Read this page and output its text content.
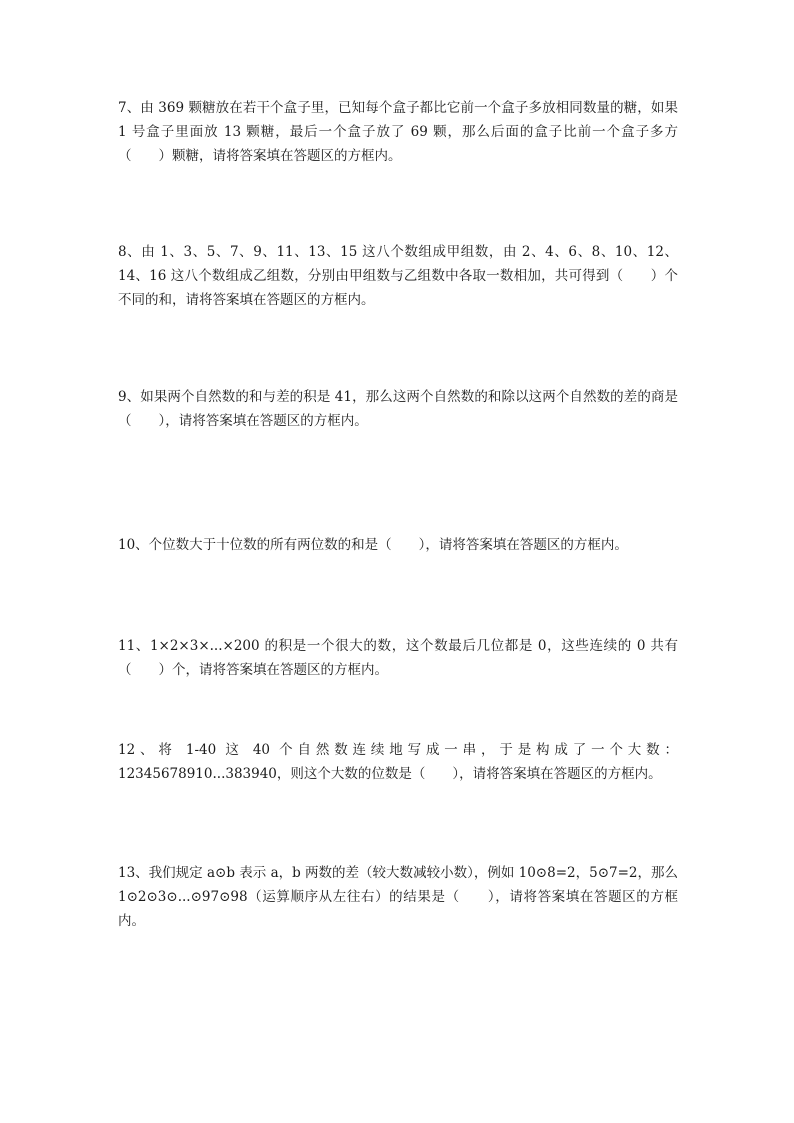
7、由 369 颗糖放在若干个盒子里，已知每个盒子都比它前一个盒子多放相同数量的糖，如果 1 号盒子里面放 13 颗糖，最后一个盒子放了 69 颗，那么后面的盒子比前一个盒子多方（　　）颗糖，请将答案填在答题区的方框内。

8、由 1、3、5、7、9、11、13、15 这八个数组成甲组数，由 2、4、6、8、10、12、14、16 这八个数组成乙组数，分别由甲组数与乙组数中各取一数相加，共可得到（　　）个不同的和，请将答案填在答题区的方框内。

9、如果两个自然数的和与差的积是 41，那么这两个自然数的和除以这两个自然数的差的商是（　　），请将答案填在答题区的方框内。

10、个位数大于十位数的所有两位数的和是（　　），请将答案填在答题区的方框内。

11、1×2×3×...×200 的积是一个很大的数，这个数最后几位都是 0，这些连续的 0 共有（　　）个，请将答案填在答题区的方框内。

12、将 1-40 这 40 个自然数连续地写成一串，于是构成了一个大数：12345678910...383940，则这个大数的位数是（　　），请将答案填在答题区的方框内。

13、我们规定 a⊙b 表示 a，b 两数的差（较大数减较小数），例如 10⊙8=2，5⊙7=2，那么 1⊙2⊙3⊙...⊙97⊙98（运算顺序从左往右）的结果是（　　），请将答案填在答题区的方框内。
